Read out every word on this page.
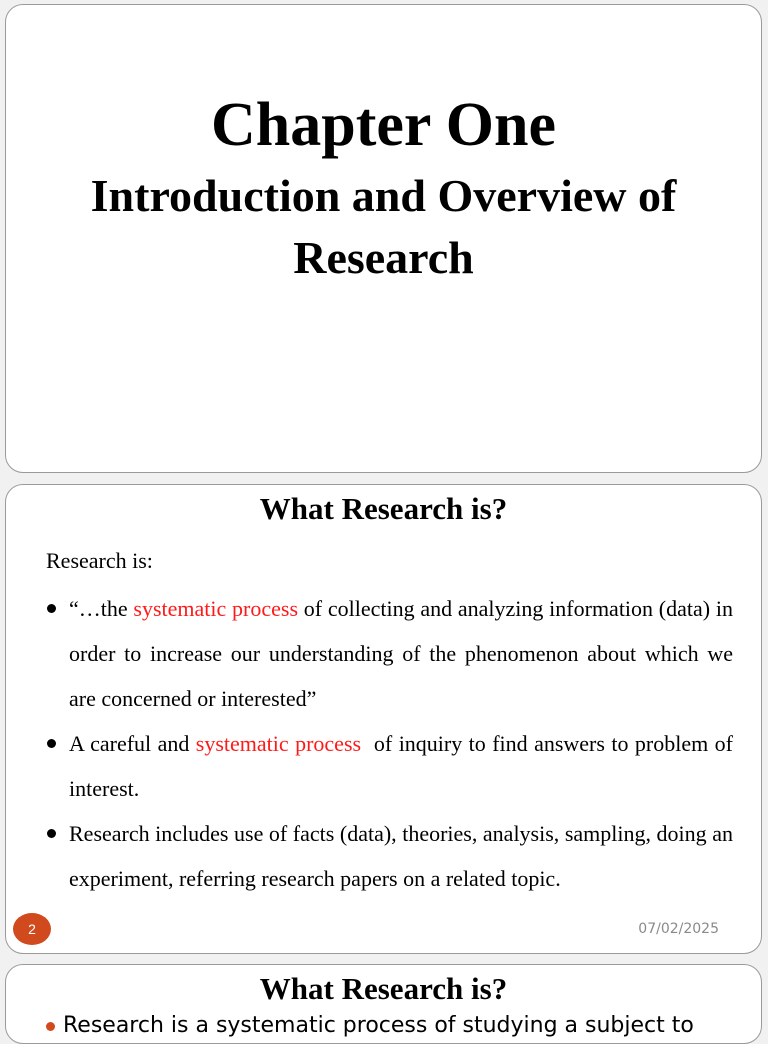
Chapter One
Introduction and Overview of Research
What Research is?
Research is:
“…the systematic process of collecting and analyzing information (data) in order to increase our understanding of the phenomenon about which we are concerned or interested”
A careful and systematic process  of inquiry to find answers to problem of interest.
Research includes use of facts (data), theories, analysis, sampling, doing an experiment, referring research papers on a related topic.
2	07/02/2025
What Research is?
Research is a systematic process of studying a subject to
